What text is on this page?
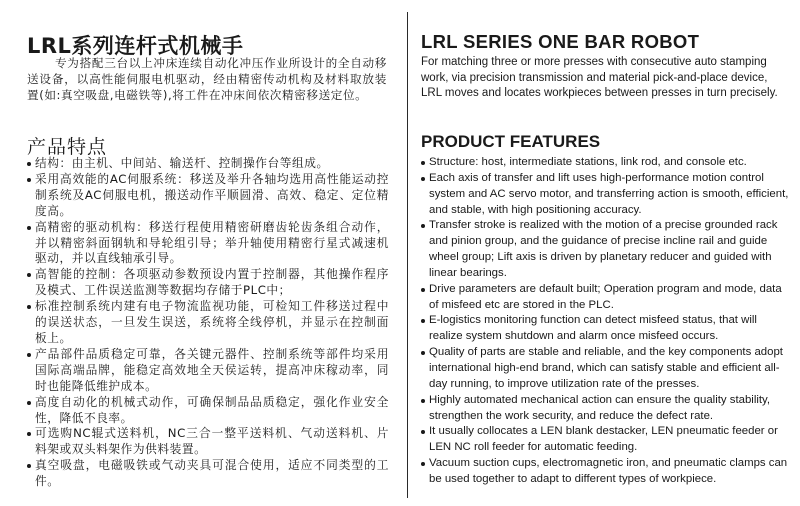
LRL系列连杆式机械手
专为搭配三台以上冲床连续自动化冲压作业所设计的全自动移送设备，以高性能伺服电机驱动，经由精密传动机构及材料取放装置(如:真空吸盘,电磁铁等),将工件在冲床间依次精密移送定位。
产品特点
结构：由主机、中间站、输送杆、控制操作台等组成。
采用高效能的AC伺服系统：移送及举升各轴均选用高性能运动控制系统及AC伺服电机，搬送动作平顺圆滑、高效、稳定、定位精度高。
高精密的驱动机构：移送行程使用精密研磨齿轮齿条组合动作，并以精密斜面钢轨和导轮组引导；举升轴使用精密行星式减速机驱动，并以直线轴承引导。
高智能的控制：各项驱动参数预设内置于控制器，其他操作程序及模式、工件误送监测等数据均存储于PLC中；
标准控制系统内建有电子物流监视功能，可检知工件移送过程中的误送状态，一旦发生误送，系统将全线停机，并显示在控制面板上。
产品部件品质稳定可靠，各关键元器件、控制系统等部件均采用国际高端品牌，能稳定高效地全天侯运转，提高冲床稼动率，同时也能降低维护成本。
高度自动化的机械式动作，可确保制品品质稳定，强化作业安全性，降低不良率。
可选购NC辊式送料机，NC三合一整平送料机、气动送料机、片料架或双头料架作为供料装置。
真空吸盘，电磁吸铁或气动夹具可混合使用，适应不同类型的工件。
LRL SERIES ONE BAR ROBOT
For matching three or more presses with consecutive auto stamping work, via precision transmission and material pick-and-place device, LRL moves and locates workpieces between presses in turn precisely.
PRODUCT FEATURES
Structure: host, intermediate stations, link rod, and console etc.
Each axis of transfer and lift uses high-performance motion control system and AC servo motor, and transferring action is smooth, efficient, and stable, with high positioning accuracy.
Transfer stroke is realized with the motion of a precise grounded rack and pinion group, and the guidance of precise incline rail and guide wheel group; Lift axis is driven by planetary reducer and guided with linear bearings.
Drive parameters are default built; Operation program and mode, data of misfeed etc are stored in the PLC.
E-logistics monitoring function can detect misfeed status, that will realize system shutdown and alarm once misfeed occurs.
Quality of parts are stable and reliable, and the key components adopt international high-end brand, which can satisfy stable and efficient all-day running, to improve utilization rate of the presses.
Highly automated mechanical action can ensure the quality stability, strengthen the work security, and reduce the defect rate.
It usually collocates a LEN blank destacker, LEN pneumatic feeder or LEN NC roll feeder for automatic feeding.
Vacuum suction cups, electromagnetic iron, and pneumatic clamps can be used together to adapt to different types of workpiece.
